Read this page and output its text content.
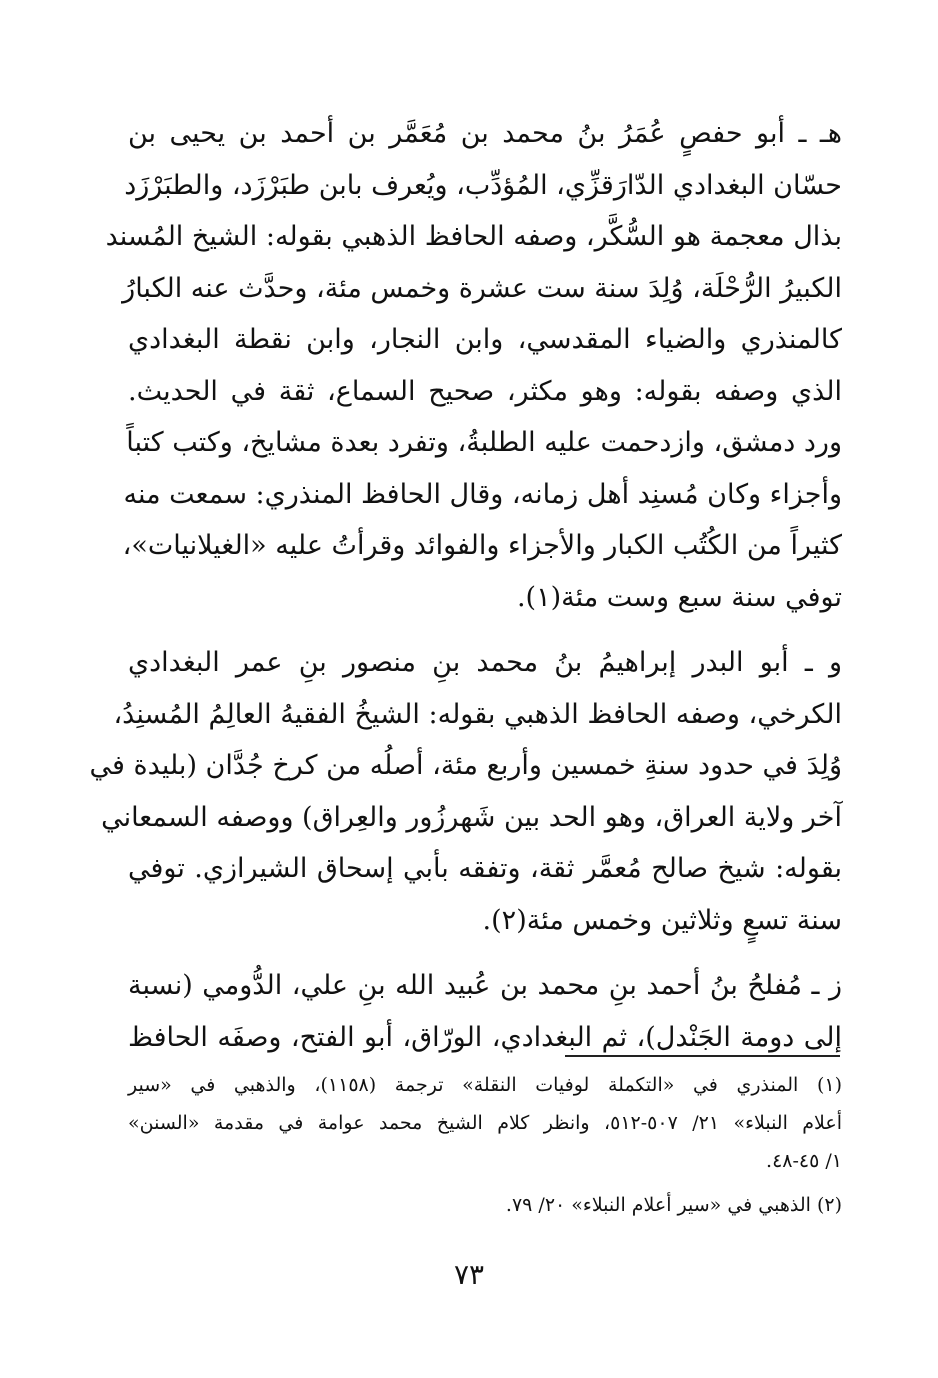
هـ ـ أبو حفصٍ عُمَرُ بنُ محمد بن مُعَمَّر بن أحمد بن يحيى بن
حسّان البغدادي الدّارَقزِّي، المُؤدِّب، ويُعرف بابن طبَرْزَد، والطبَرْزَد
بذال معجمة هو السُّكَّر، وصفه الحافظ الذهبي بقوله: الشيخ المُسند
الكبيرُ الرُّحْلَة، وُلِدَ سنة ست عشرة وخمس مئة، وحدَّث عنه الكبارُ
كالمنذري والضياء المقدسي، وابن النجار، وابن نقطة البغدادي
الذي وصفه بقوله: وهو مكثر، صحيح السماع، ثقة في الحديث.
ورد دمشق، وازدحمت عليه الطلبةُ، وتفرد بعدة مشايخ، وكتب كتباً
وأجزاء وكان مُسنِد أهل زمانه، وقال الحافظ المنذري: سمعت منه
كثيراً من الكُتُب الكبار والأجزاء والفوائد وقرأتُ عليه «الغيلانيات»،
توفي سنة سبع وست مئة(١).

و ـ أبو البدر إبراهيمُ بنُ محمد بنِ منصور بنِ عمر البغدادي
الكرخي، وصفه الحافظ الذهبي بقوله: الشيخُ الفقيهُ العالِمُ المُسنِدُ،
وُلِدَ في حدود سنةِ خمسين وأربع مئة، أصلُه من كرخ جُدَّان (بليدة في
آخر ولاية العراق، وهو الحد بين شَهرزُور والعِراق) ووصفه السمعاني
بقوله: شيخ صالح مُعمَّر ثقة، وتفقه بأبي إسحاق الشيرازي. توفي
سنة تسعٍ وثلاثين وخمس مئة(٢).

ز ـ مُفلحُ بنُ أحمد بنِ محمد بن عُبيد الله بنِ علي، الدُّومي (نسبة
إلى دومة الجَنْدل)، ثم البغدادي، الورّاق، أبو الفتح، وصفَه الحافظ

(١) المنذري في «التكملة لوفيات النقلة» ترجمة (١١٥٨)، والذهبي في «سير
أعلام النبلاء» ٢١/ ٥٠٧-٥١٢، وانظر كلام الشيخ محمد عوامة في مقدمة «السنن»
١/ ٤٥-٤٨.

(٢) الذهبي في «سير أعلام النبلاء» ٢٠/ ٧٩.

٧٣
